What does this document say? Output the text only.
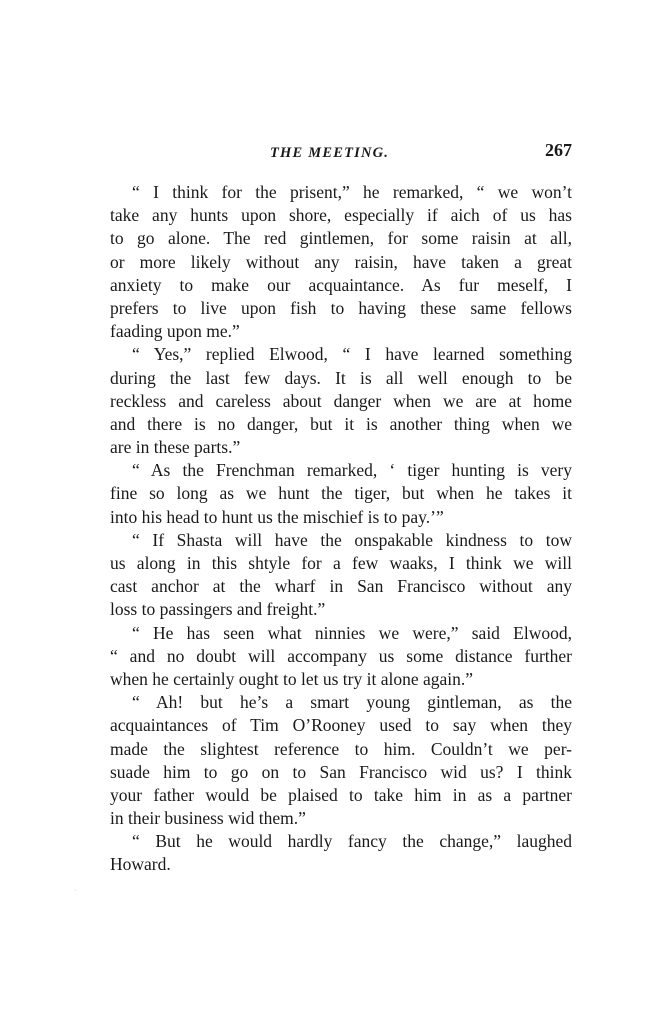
THE MEETING.	267
“ I think for the prisent,” he remarked, “ we won’t
take any hunts upon shore, especially if aich of us has
to go alone. The red gintlemen, for some raisin at all,
or more likely without any raisin, have taken a great
anxiety to make our acquaintance. As fur meself, I
prefers to live upon fish to having these same fellows
faading upon me.”
“ Yes,” replied Elwood, “ I have learned something
during the last few days. It is all well enough to be
reckless and careless about danger when we are at home
and there is no danger, but it is another thing when we
are in these parts.”
“ As the Frenchman remarked, ‘ tiger hunting is very
fine so long as we hunt the tiger, but when he takes it
into his head to hunt us the mischief is to pay.’”
“ If Shasta will have the onspakable kindness to tow
us along in this shtyle for a few waaks, I think we will
cast anchor at the wharf in San Francisco without any
loss to passingers and freight.”
“ He has seen what ninnies we were,” said Elwood,
“ and no doubt will accompany us some distance further
when he certainly ought to let us try it alone again.”
“ Ah! but he’s a smart young gintleman, as the
acquaintances of Tim O’Rooney used to say when they
made the slightest reference to him. Couldn’t we per-
suade him to go on to San Francisco wid us? I think
your father would be plaised to take him in as a partner
in their business wid them.”
“ But he would hardly fancy the change,” laughed
Howard.
·
